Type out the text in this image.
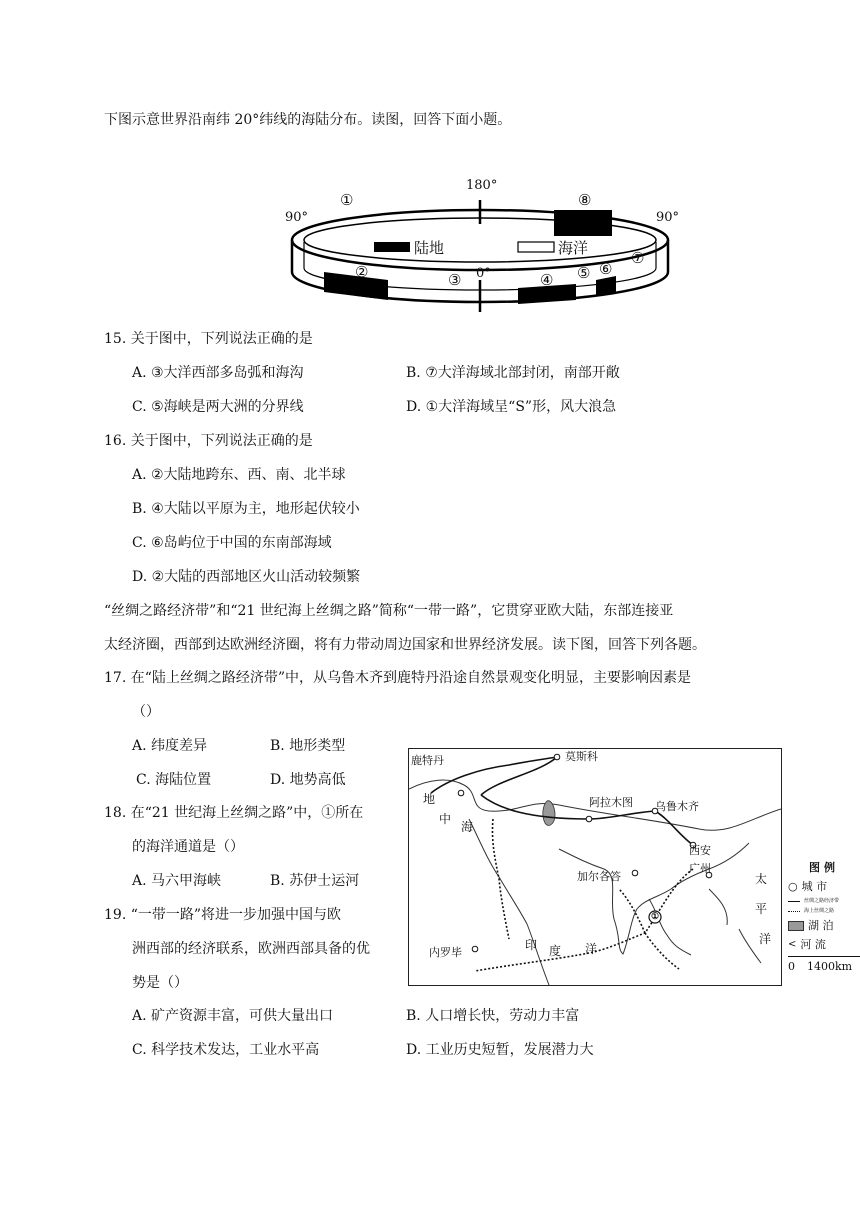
下图示意世界沿南纬 20°纬线的海陆分布。读图，回答下面小题。
180°
90°	90°
0°
陆地	海洋
①
②	③	④ ⑤ ⑥
⑦
⑧
15. 关于图中，下列说法正确的是
A. ③大洋西部多岛弧和海沟	B. ⑦大洋海域北部封闭，南部开敞
C. ⑤海峡是两大洲的分界线	D. ①大洋海域呈“S”形，风大浪急
16. 关于图中，下列说法正确的是
A. ②大陆地跨东、西、南、北半球
B. ④大陆以平原为主，地形起伏较小
C. ⑥岛屿位于中国的东南部海域
D. ②大陆的西部地区火山活动较频繁
“丝绸之路经济带”和“21 世纪海上丝绸之路”简称“一带一路”，它贯穿亚欧大陆，东部连接亚
太经济圈，西部到达欧洲经济圈，将有力带动周边国家和世界经济发展。读下图，回答下列各题。
17. 在“陆上丝绸之路经济带”中，从乌鲁木齐到鹿特丹沿途自然景观变化明显，主要影响因素是
（）
A. 纬度差异	B. 地形类型
C. 海陆位置	D. 地势高低
18. 在“21 世纪海上丝绸之路”中，①所在
的海洋通道是（）
A. 马六甲海峡	B. 苏伊士运河
19. “一带一路”将进一步加强中国与欧
洲西部的经济联系，欧洲西部具备的优
势是（）
A. 矿产资源丰富，可供大量出口	B. 人口增长快，劳动力丰富
C. 科学技术发达，工业水平高	D. 工业历史短暂，发展潜力大
鹿特丹	莫斯科
阿拉木图 乌鲁木齐
西安
广州
加尔各答
内罗毕
地
中
海
印 度 洋
太
平
洋
①
图例
○ 城 市
丝绸之路经济带
海上丝绸之路
湖 泊
< 河 流
0 1400km
